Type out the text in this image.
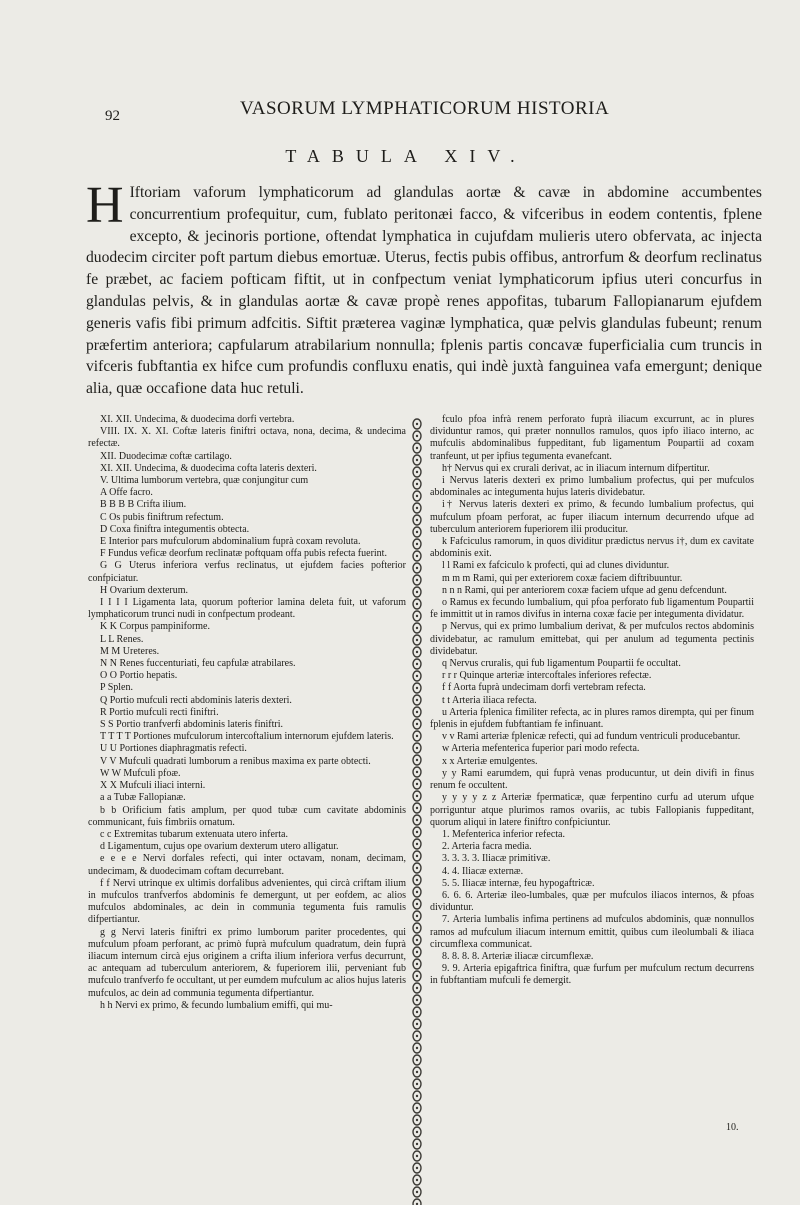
92	VASORUM LYMPHATICORUM HISTORIA
TABULA XIV.
H Iftoriam vaforum lymphaticorum ad glandulas aortæ & cavæ in abdomine accumbentes concurrentium profequitur, cum, fublato peritonæi facco, & vifceribus in eodem contentis, fplene excepto, & jecinoris portione, oftendat lymphatica in cujufdam mulieris utero obfervata, ac injecta duodecim circiter poft partum diebus emortuæ. Uterus, fectis pubis offibus, antrorfum & deorfum reclinatus fe præbet, ac faciem pofticam fiftit, ut in confpectum veniat lymphaticorum ipfius uteri concurfus in glandulas pelvis, & in glandulas aortæ & cavæ propè renes appofitas, tubarum Fallopianarum ejufdem generis vafis fibi primum adfcitis. Siftit præterea vaginæ lymphatica, quæ pelvis glandulas fubeunt; renum præfertim anteriora; capfularum atrabilarium nonnulla; fplenis partis concavæ fuperficialia cum truncis in vifceris fubftantia ex hifce cum profundis confluxu enatis, qui indè juxtà fanguinea vafa emergunt; denique alia, quæ occafione data huc retuli.

XI. XII. Undecima, & duodecima dorfi vertebra.

VIII. IX. X. XI. Coftæ lateris finiftri octava, nona, decima, & undecima refectæ.

XII. Duodecimæ coftæ cartilago.

XI. XII. Undecima, & duodecima cofta lateris dexteri.

V. Ultima lumborum vertebra, quæ conjungitur cum

A Offe facro.

B B B B Crifta ilium.

C Os pubis finiftrum refectum.

D Coxa finiftra integumentis obtecta.

E Interior pars mufculorum abdominalium fuprà coxam revoluta.

F Fundus veficæ deorfum reclinatæ poftquam offa pubis refecta fuerint.

G G Uterus inferiora verfus reclinatus, ut ejufdem facies pofterior confpiciatur.

H Ovarium dexterum.

I I I I Ligamenta lata, quorum pofterior lamina deleta fuit, ut vaforum lymphaticorum trunci nudi in confpectum prodeant.

K K Corpus pampiniforme.

L L Renes.

M M Ureteres.

N N Renes fuccenturiati, feu capfulæ atrabilares.

O O Portio hepatis.

P Splen.

Q Portio mufculi recti abdominis lateris dexteri.

R Portio mufculi recti finiftri.

S S Portio tranfverfi abdominis lateris finiftri.

T T T T Portiones mufculorum intercoftalium internorum ejufdem lateris.

U U Portiones diaphragmatis refecti.

V V Mufculi quadrati lumborum a renibus maxima ex parte obtecti.

W W Mufculi pfoæ.

X X Mufculi iliaci interni.

a a Tubæ Fallopianæ.

b b Orificium fatis amplum, per quod tubæ cum cavitate abdominis communicant, fuis fimbriis ornatum.

c c Extremitas tubarum extenuata utero inferta.

d Ligamentum, cujus ope ovarium dexterum utero alligatur.

e e e e Nervi dorfales refecti, qui inter octavam, nonam, decimam, undecimam, & duodecimam coftam decurrebant.

f f Nervi utrinque ex ultimis dorfalibus advenientes, qui circà criftam ilium in mufculos tranfverfos abdominis fe demergunt, ut per eofdem, ac alios mufculos abdominales, ac dein in communia tegumenta fuis ramulis difpertiantur.

g g Nervi lateris finiftri ex primo lumborum pariter procedentes, qui mufculum pfoam perforant, ac primò fuprà mufculum quadratum, dein fuprà iliacum internum circà ejus originem a crifta ilium inferiora verfus decurrunt, ac antequam ad tuberculum anteriorem, & fuperiorem ilii, perveniant fub mufculo tranfverfo fe occultant, ut per eumdem mufculum ac alios hujus lateris mufculos, ac dein ad communia tegumenta difpertiantur.

h h Nervi ex primo, & fecundo lumbalium emiffi, qui mu-

fculo pfoa infrà renem perforato fuprà iliacum excurrunt, ac in plures dividuntur ramos, qui præter nonnullos ramulos, quos ipfo iliaco interno, ac mufculis abdominalibus fuppeditant, fub ligamentum Poupartii ad coxam tranfeunt, ut per ipfius tegumenta evanefcant.

h† Nervus qui ex crurali derivat, ac in iliacum internum difpertitur.

i Nervus lateris dexteri ex primo lumbalium profectus, qui per mufculos abdominales ac integumenta hujus lateris dividebatur.

i† Nervus lateris dexteri ex primo, & fecundo lumbalium profectus, qui mufculum pfoam perforat, ac fuper iliacum internum decurrendo ufque ad tuberculum anteriorem fuperiorem ilii producitur.

k Fafciculus ramorum, in quos dividitur prædictus nervus i†, dum ex cavitate abdominis exit.

l l Rami ex fafciculo k profecti, qui ad clunes dividuntur.

m m m Rami, qui per exteriorem coxæ faciem diftribuuntur.

n n n Rami, qui per anteriorem coxæ faciem ufque ad genu defcendunt.

o Ramus ex fecundo lumbalium, qui pfoa perforato fub ligamentum Poupartii fe immittit ut in ramos divifus in interna coxæ facie per integumenta dividatur.

p Nervus, qui ex primo lumbalium derivat, & per mufculos rectos abdominis dividebatur, ac ramulum emittebat, qui per anulum ad tegumenta pectinis dividebatur.

q Nervus cruralis, qui fub ligamentum Poupartii fe occultat.

r r r Quinque arteriæ intercoftales inferiores refectæ.

f f Aorta fuprà undecimam dorfi vertebram refecta.

t t Arteria iliaca refecta.

u Arteria fplenica fimiliter refecta, ac in plures ramos dirempta, qui per finum fplenis in ejufdem fubftantiam fe infinuant.

v v Rami arteriæ fplenicæ refecti, qui ad fundum ventriculi producebantur.

w Arteria mefenterica fuperior pari modo refecta.

x x Arteriæ emulgentes.

y y Rami earumdem, qui fuprà venas producuntur, ut dein divifi in finus renum fe occultent.

y y y y z z Arteriæ fpermaticæ, quæ ferpentino curfu ad uterum ufque porriguntur atque plurimos ramos ovariis, ac tubis Fallopianis fuppeditant, quorum aliqui in latere finiftro confpiciuntur.

1. Mefenterica inferior refecta.

2. Arteria facra media.

3. 3. 3. 3. Iliacæ primitivæ.

4. 4. Iliacæ externæ.

5. 5. Iliacæ internæ, feu hypogaftricæ.

6. 6. 6. Arteriæ ileo-lumbales, quæ per mufculos iliacos internos, & pfoas dividuntur.

7. Arteria lumbalis infima pertinens ad mufculos abdominis, quæ nonnullos ramos ad mufculum iliacum internum emittit, quibus cum ileolumbali & iliaca circumflexa communicat.

8. 8. 8. 8. Arteriæ iliacæ circumflexæ.

9. 9. Arteria epigaftrica finiftra, quæ furfum per mufculum rectum decurrens in fubftantiam mufculi fe demergit.

10.
